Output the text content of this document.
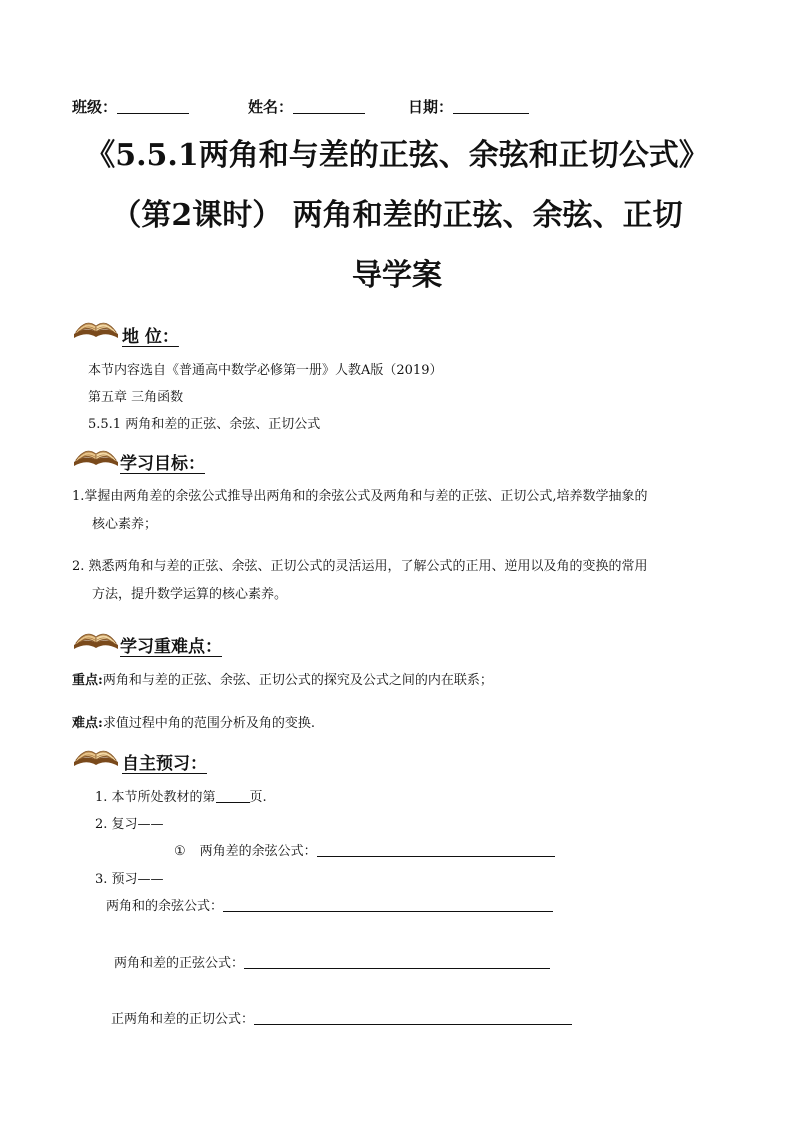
班级：	姓名：	日期：
《5.5.1两角和与差的正弦、余弦和正切公式》
（第2课时） 两角和差的正弦、余弦、正切
导学案
地 位：
本节内容选自《普通高中数学必修第一册》人教A版（2019）
第五章 三角函数
5.5.1 两角和差的正弦、余弦、正切公式
学习目标：
1.掌握由两角差的余弦公式推导出两角和的余弦公式及两角和与差的正弦、正切公式,培养数学抽象的
核心素养；
2. 熟悉两角和与差的正弦、余弦、正切公式的灵活运用，了解公式的正用、逆用以及角的变换的常用
方法，提升数学运算的核心素养。
学习重难点：
重点:两角和与差的正弦、余弦、正切公式的探究及公式之间的内在联系；
难点:求值过程中角的范围分析及角的变换.
自主预习：
1. 本节所处教材的第	页.
2. 复习——
① 两角差的余弦公式：
3. 预习——
两角和的余弦公式：
两角和差的正弦公式：
正两角和差的正切公式：
